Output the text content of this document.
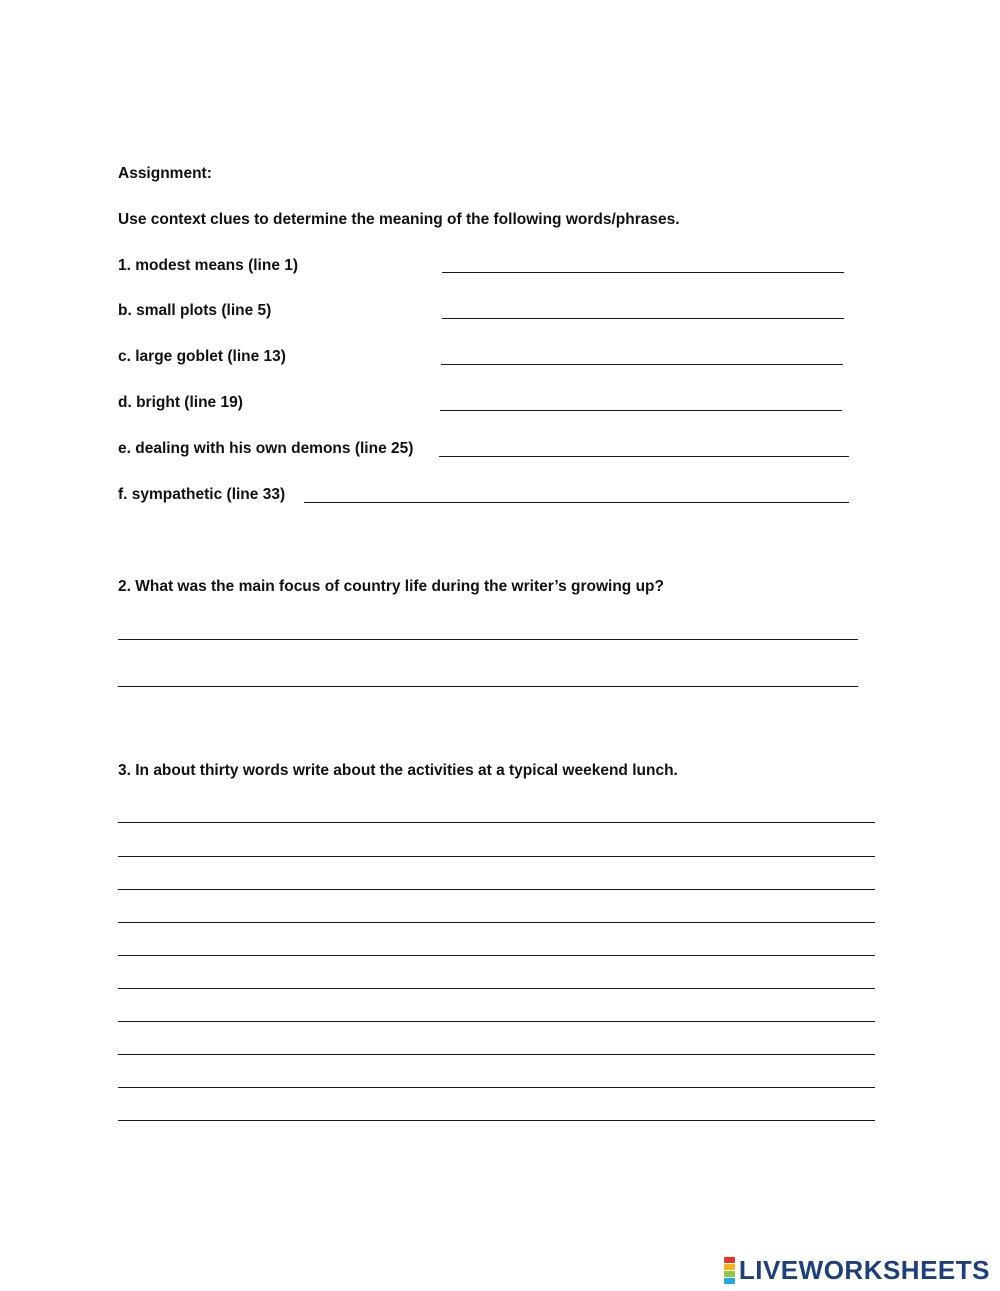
Assignment:

Use context clues to determine the meaning of the following words/phrases.

1. modest means (line 1)

b. small plots (line 5)

c. large goblet (line 13)

d. bright (line 19)

e. dealing with his own demons (line 25)

f. sympathetic (line 33)

2. What was the main focus of country life during the writer’s growing up?

3. In about thirty words write about the activities at a typical weekend lunch.

LIVEWORKSHEETS
